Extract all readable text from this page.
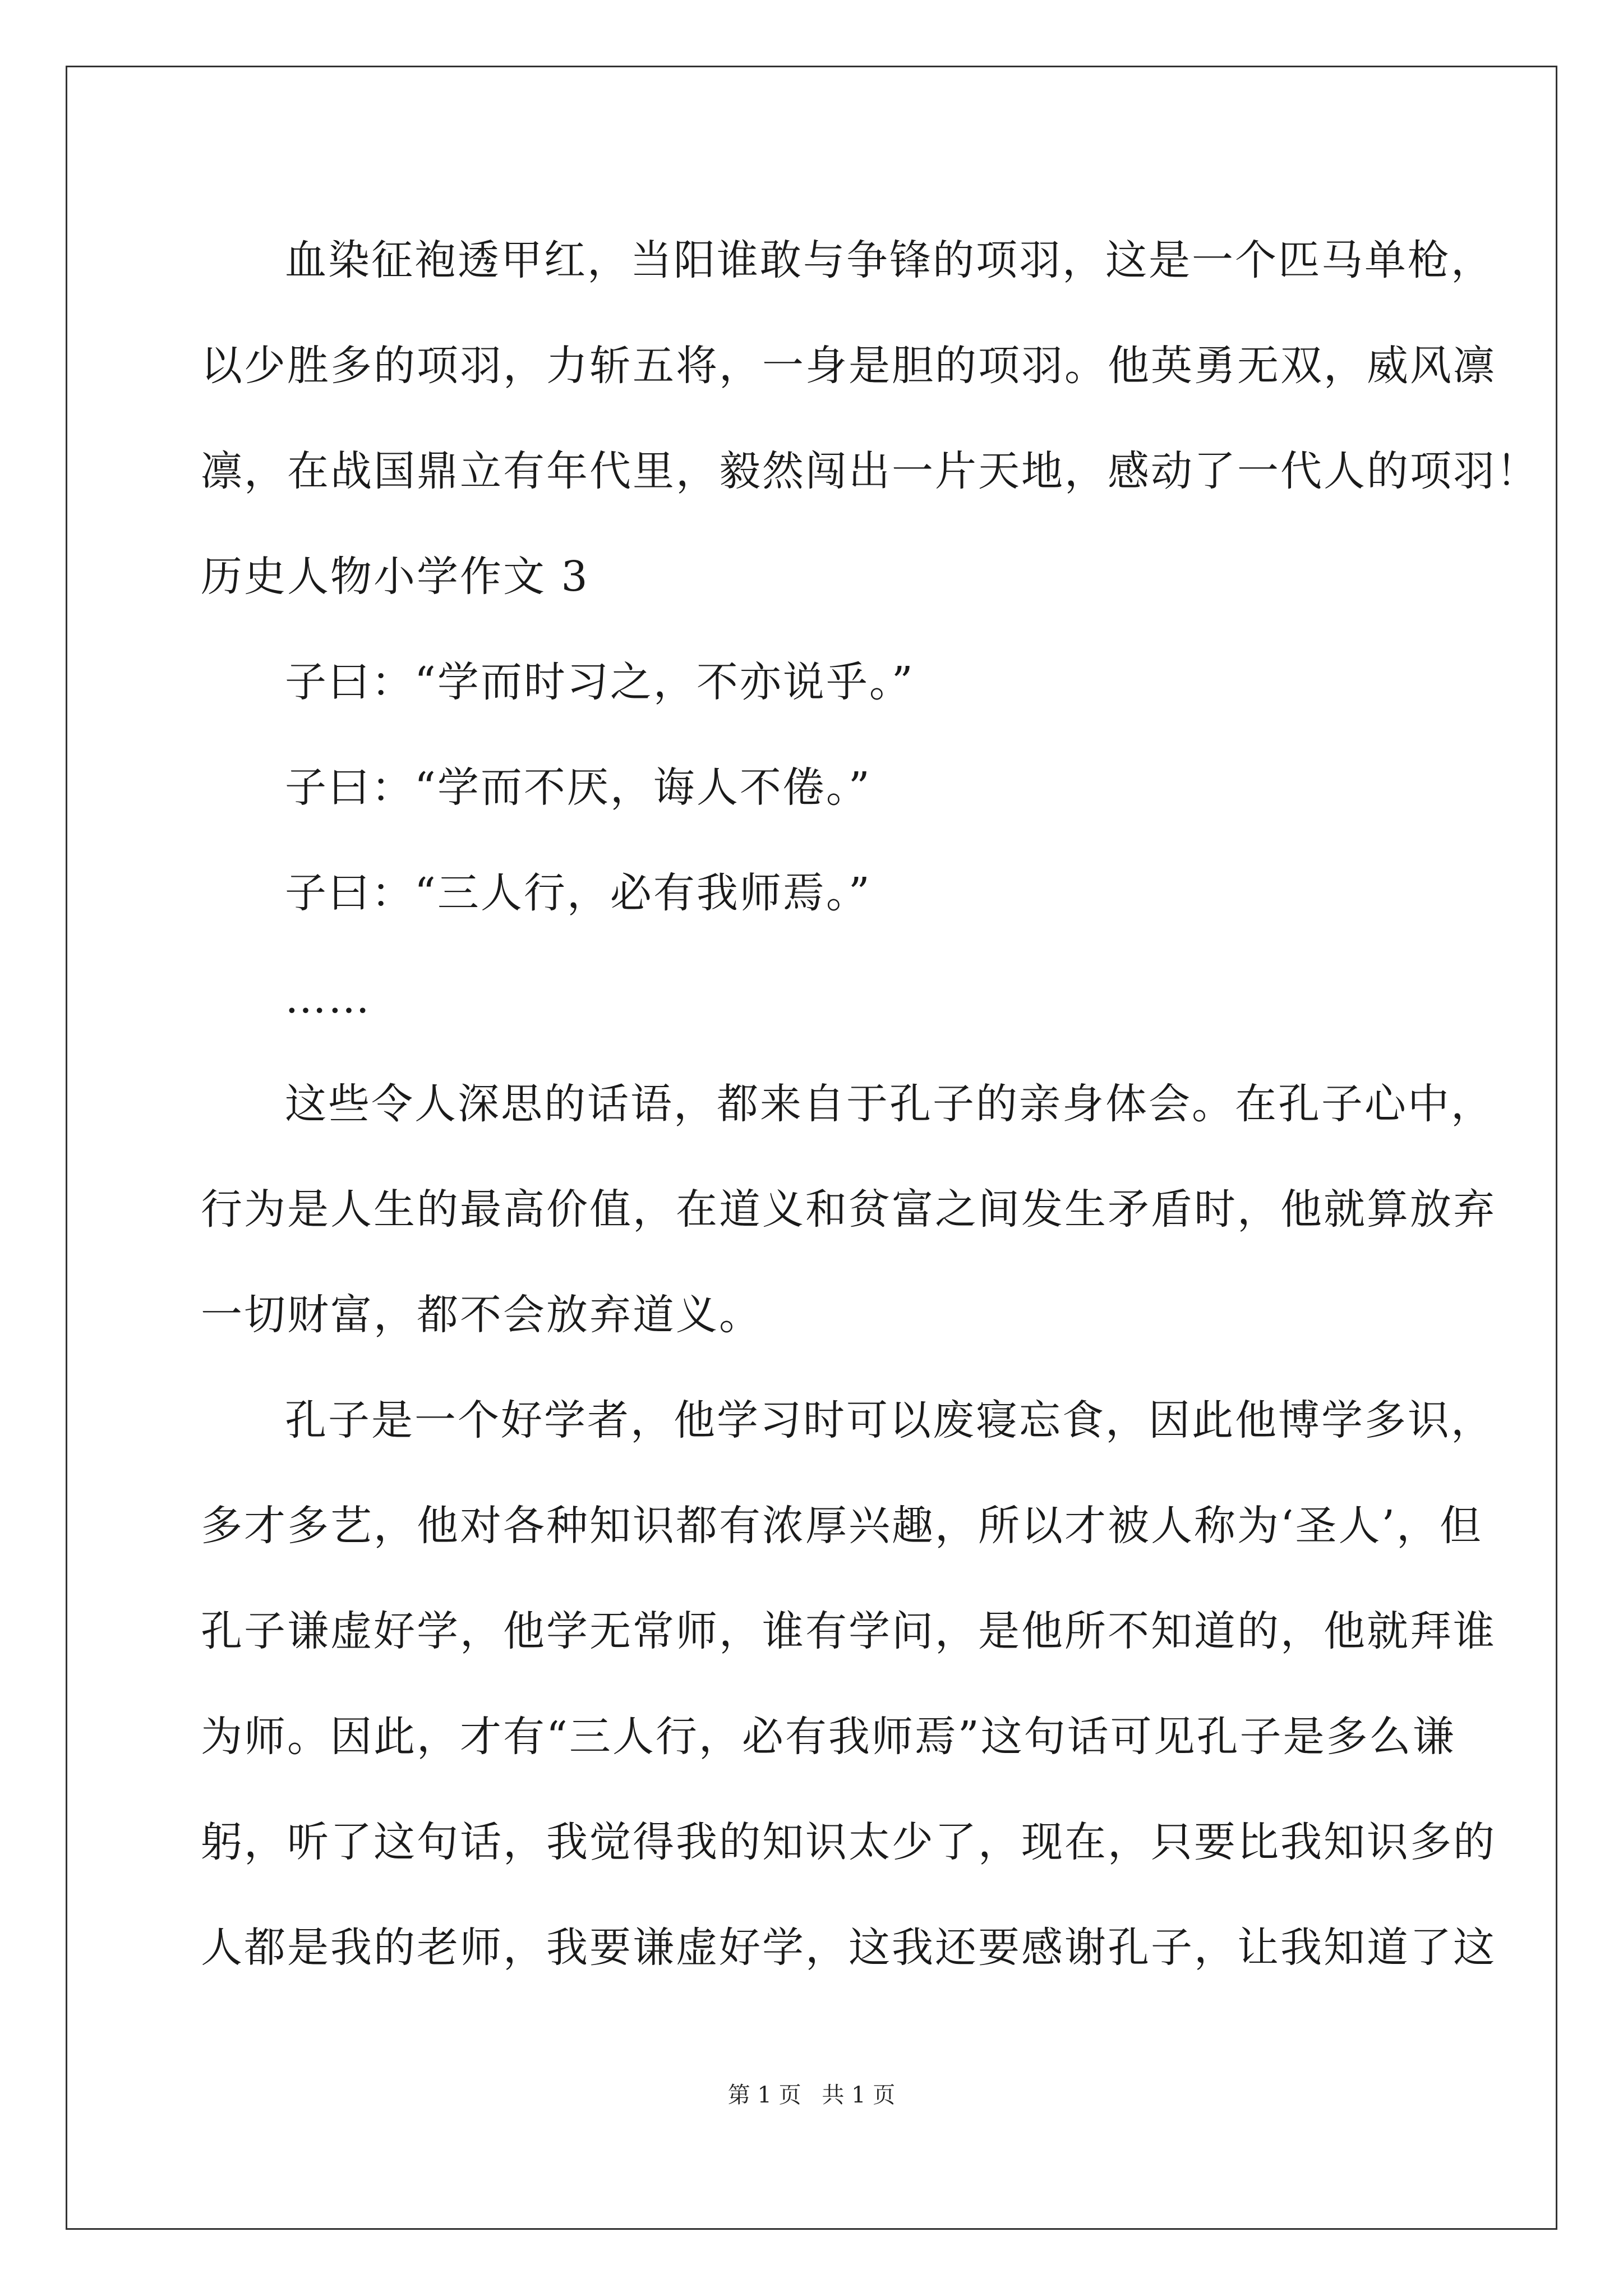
血染征袍透甲红，当阳谁敢与争锋的项羽，这是一个匹马单枪，
以少胜多的项羽，力斩五将，一身是胆的项羽。他英勇无双，威风凛
凛，在战国鼎立有年代里，毅然闯出一片天地，感动了一代人的项羽！
历史人物小学作文 3
子曰：“学而时习之，不亦说乎。”
子曰：“学而不厌，诲人不倦。”
子曰：“三人行，必有我师焉。”
……
这些令人深思的话语，都来自于孔子的亲身体会。在孔子心中，
行为是人生的最高价值，在道义和贫富之间发生矛盾时，他就算放弃
一切财富，都不会放弃道义。
孔子是一个好学者，他学习时可以废寝忘食，因此他博学多识，
多才多艺，他对各种知识都有浓厚兴趣，所以才被人称为‘圣人’，但
孔子谦虚好学，他学无常师，谁有学问，是他所不知道的，他就拜谁
为师。因此，才有“三人行，必有我师焉”这句话可见孔子是多么谦
躬，听了这句话，我觉得我的知识太少了，现在，只要比我知识多的
人都是我的老师，我要谦虚好学，这我还要感谢孔子，让我知道了这
第 1 页 共 1 页
